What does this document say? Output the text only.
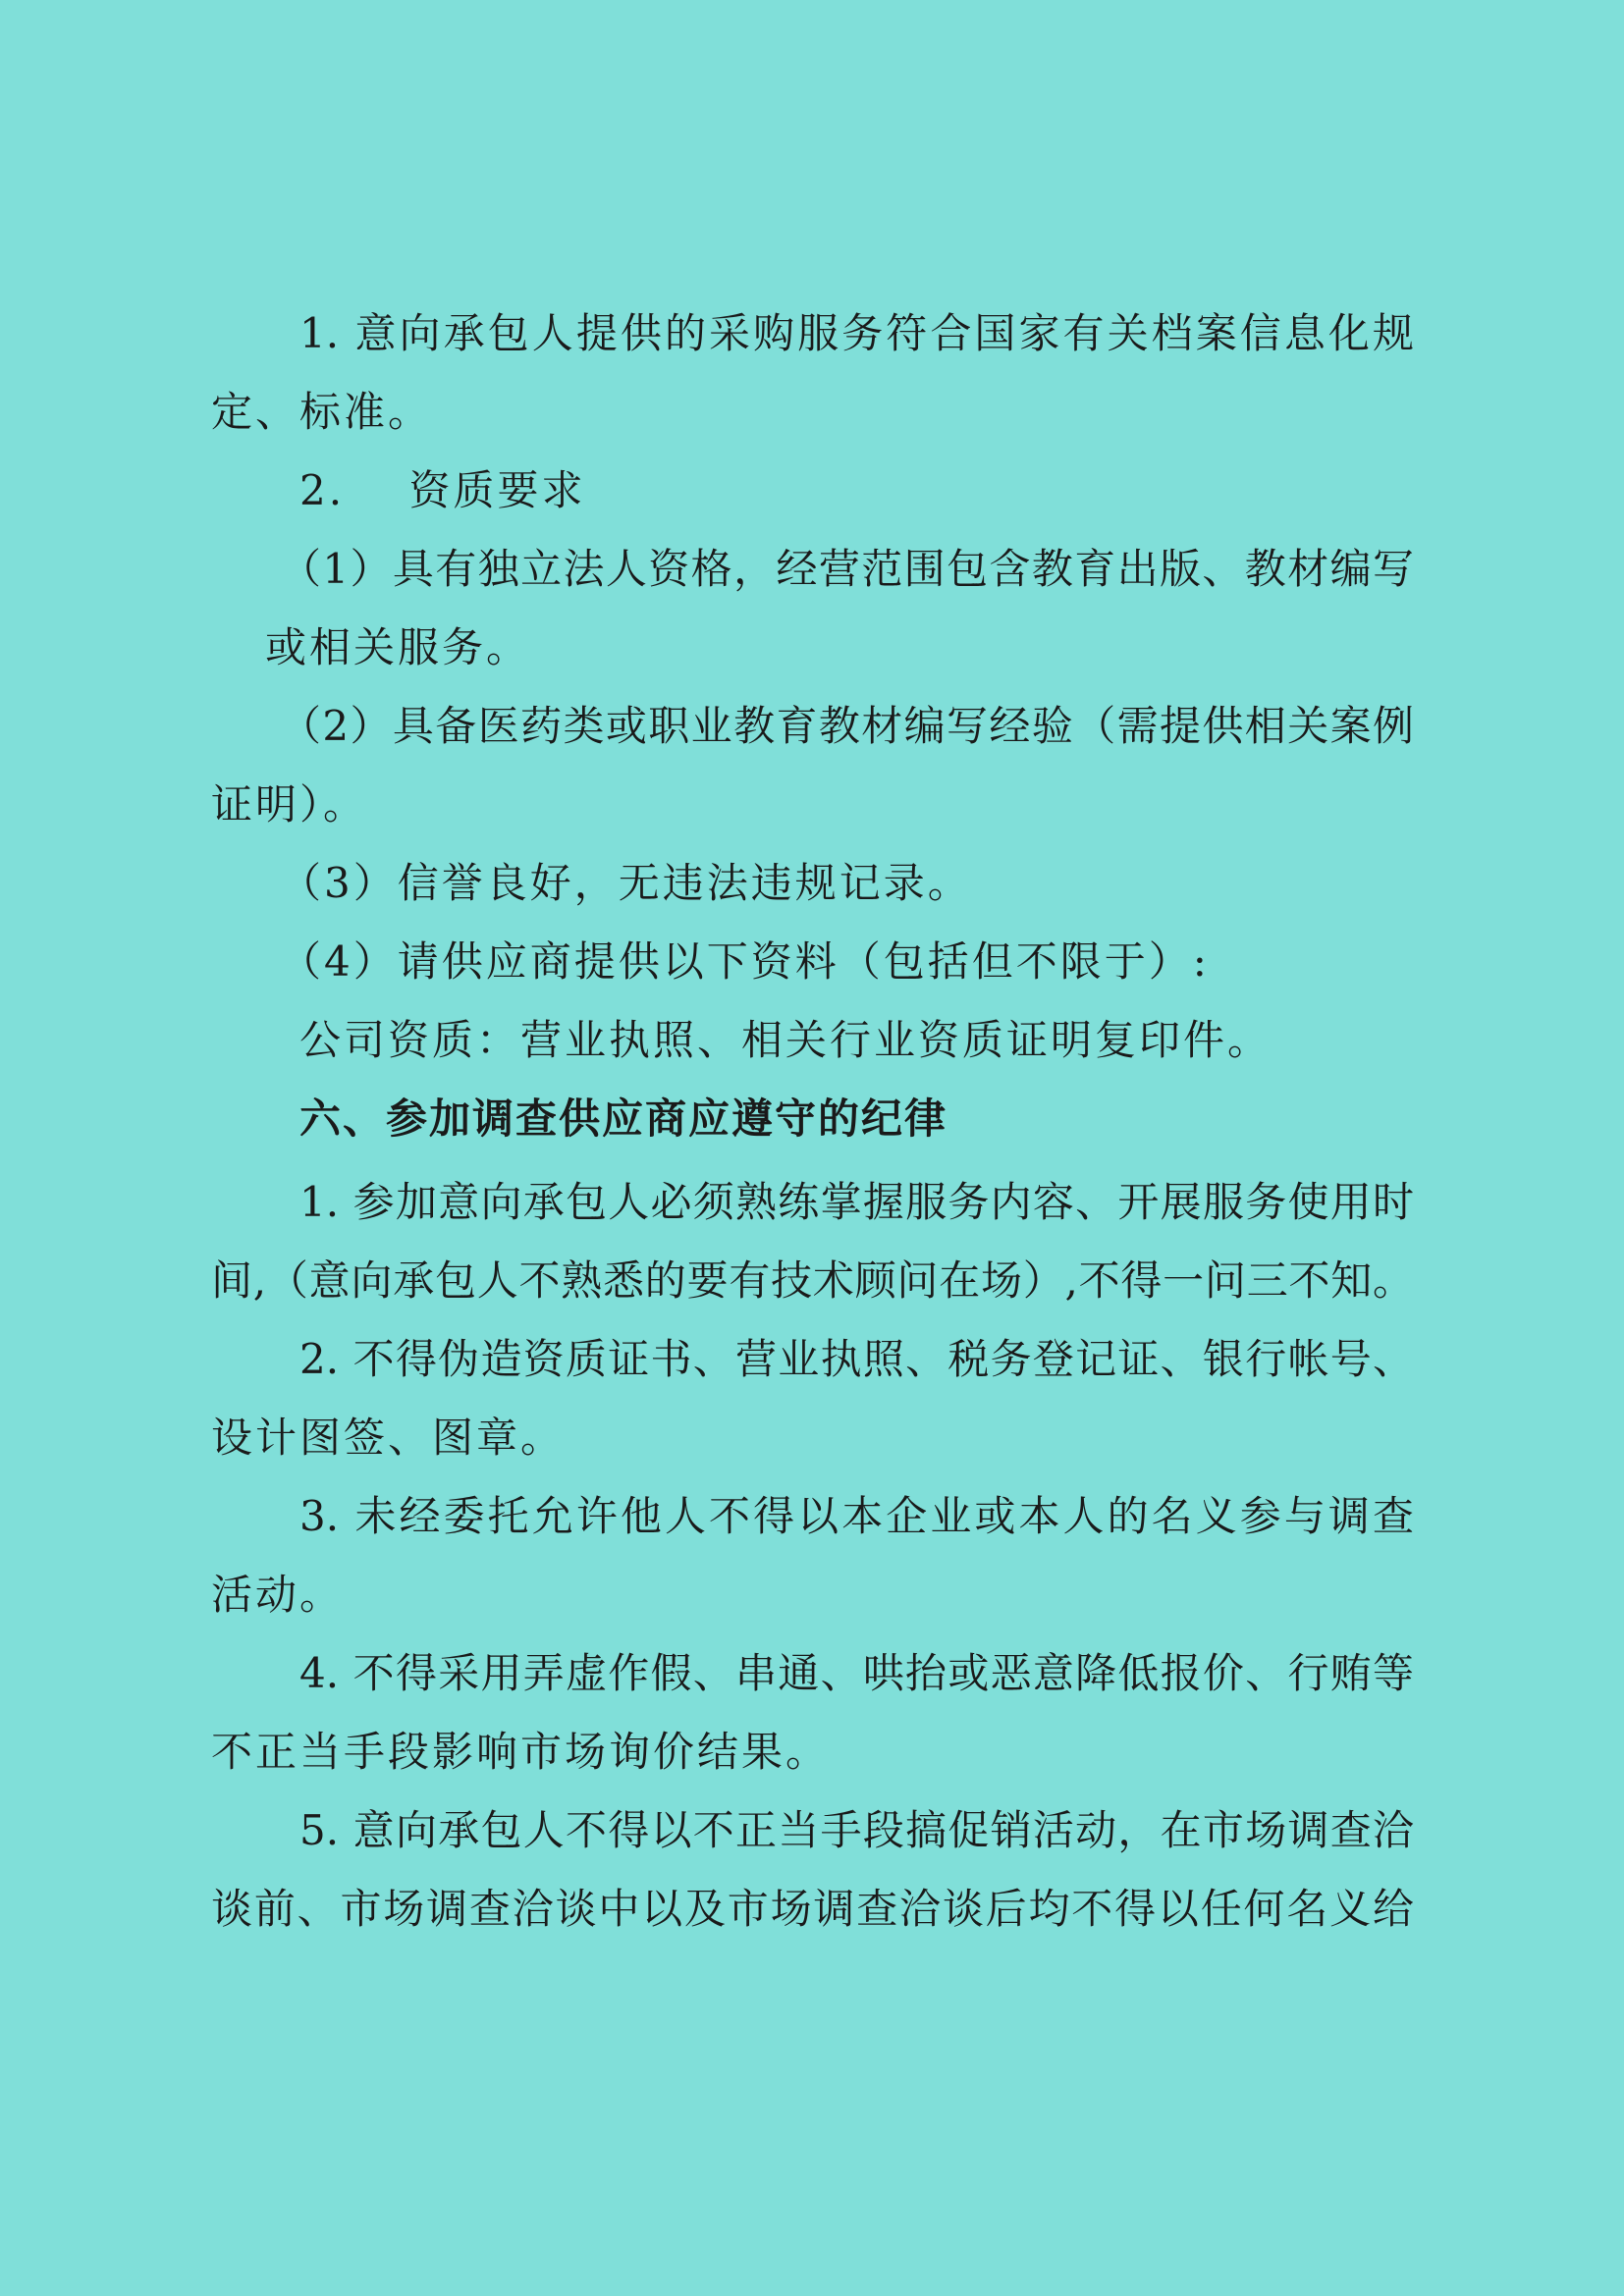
1. 意向承包人提供的采购服务符合国家有关档案信息化规

定、标准。

2.    资质要求

（1）具有独立法人资格，经营范围包含教育出版、教材编写

或相关服务。

（2）具备医药类或职业教育教材编写经验（需提供相关案例

证明）。

（3）信誉良好，无违法违规记录。

（4）请供应商提供以下资料（包括但不限于）:

公司资质：营业执照、相关行业资质证明复印件。

六、参加调查供应商应遵守的纪律

1. 参加意向承包人必须熟练掌握服务内容、开展服务使用时

间,（意向承包人不熟悉的要有技术顾问在场）,不得一问三不知。

2. 不得伪造资质证书、营业执照、税务登记证、银行帐号、

设计图签、图章。

3. 未经委托允许他人不得以本企业或本人的名义参与调查

活动。

4. 不得采用弄虚作假、串通、哄抬或恶意降低报价、行贿等

不正当手段影响市场询价结果。

5. 意向承包人不得以不正当手段搞促销活动，在市场调查洽

谈前、市场调查洽谈中以及市场调查洽谈后均不得以任何名义给
